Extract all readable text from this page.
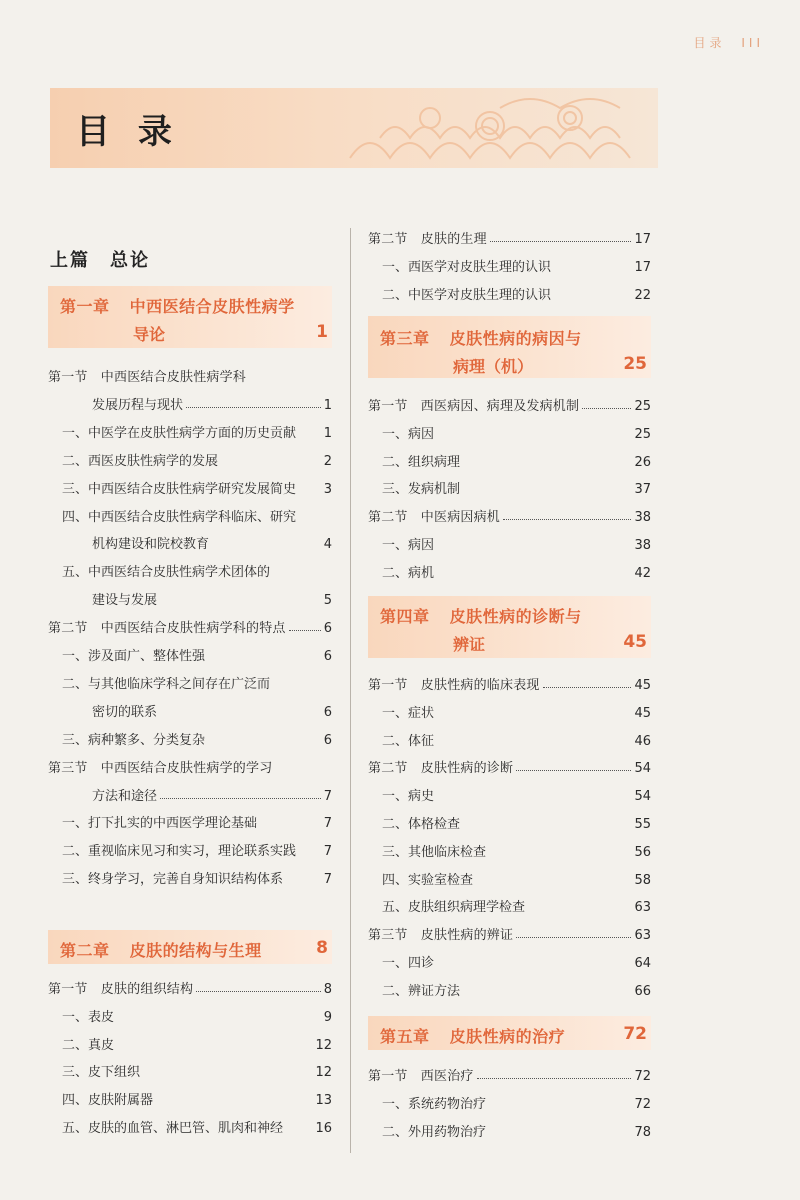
目录 III
目 录
上篇　总论
第一章 中西医结合皮肤性病学
导论	1
第一节　中西医结合皮肤性病学科
发展历程与现状	1
一、中医学在皮肤性病学方面的历史贡献 1
二、西医皮肤性病学的发展	2
三、中西医结合皮肤性病学研究发展简史 3
四、中西医结合皮肤性病学科临床、研究
机构建设和院校教育	4
五、中西医结合皮肤性病学术团体的
建设与发展	5
第二节　中西医结合皮肤性病学科的特点	6
一、涉及面广、整体性强	6
二、与其他临床学科之间存在广泛而
密切的联系	6
三、病种繁多、分类复杂	6
第三节　中西医结合皮肤性病学的学习
方法和途径	7
一、打下扎实的中西医学理论基础	7
二、重视临床见习和实习，理论联系实践 7
三、终身学习，完善自身知识结构体系	7
第二章 皮肤的结构与生理	8
第一节　皮肤的组织结构	8
一、表皮	9
二、真皮	12
三、皮下组织	12
四、皮肤附属器	13
五、皮肤的血管、淋巴管、肌肉和神经 16
第二节　皮肤的生理	17
一、西医学对皮肤生理的认识	17
二、中医学对皮肤生理的认识	22
第三章 皮肤性病的病因与
病理（机）	25
第一节　西医病因、病理及发病机制	25
一、病因	25
二、组织病理	26
三、发病机制	37
第二节　中医病因病机	38
一、病因	38
二、病机	42
第四章 皮肤性病的诊断与
辨证	45
第一节　皮肤性病的临床表现	45
一、症状	45
二、体征	46
第二节　皮肤性病的诊断	54
一、病史	54
二、体格检查	55
三、其他临床检查	56
四、实验室检查	58
五、皮肤组织病理学检查	63
第三节　皮肤性病的辨证	63
一、四诊	64
二、辨证方法	66
第五章 皮肤性病的治疗	72
第一节　西医治疗	72
一、系统药物治疗	72
二、外用药物治疗	78
